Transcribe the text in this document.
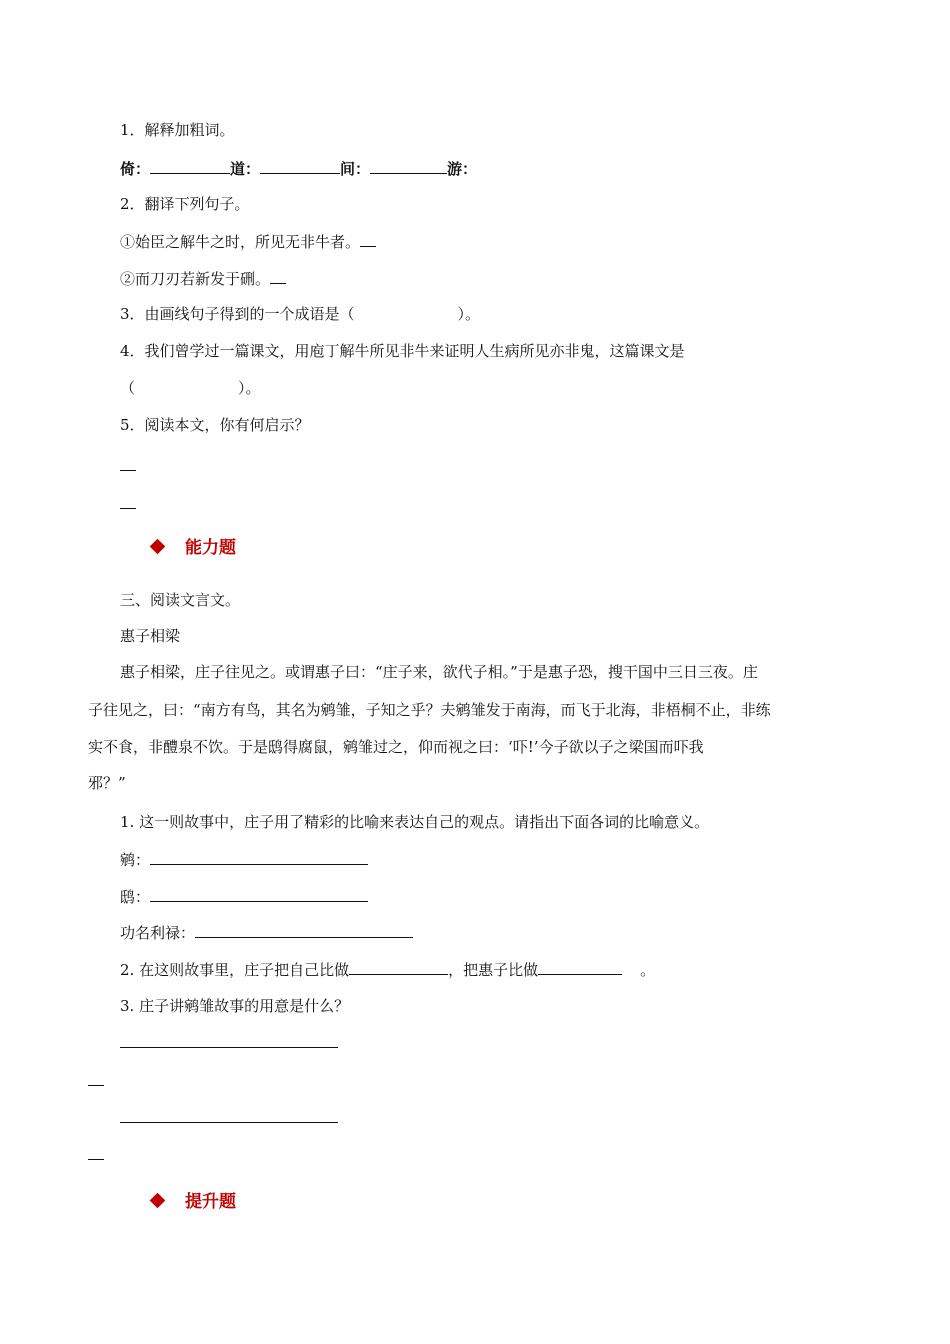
1．解释加粗词。
倚：	道：	间：	游：
2．翻译下列句子。
①始臣之解牛之时，所见无非牛者。
②而刀刃若新发于硎。
3．由画线句子得到的一个成语是（	）。
4．我们曾学过一篇课文，用庖丁解牛所见非牛来证明人生病所见亦非鬼，这篇课文是
（	）。
5．阅读本文，你有何启示？
能力题
三、阅读文言文。
惠子相梁
惠子相梁，庄子往见之。或谓惠子曰：“庄子来，欲代子相。”于是惠子恐，搜干国中三日三夜。庄
子往见之，曰：“南方有鸟，其名为鹓雏，子知之乎？夫鹓雏发于南海，而飞于北海，非梧桐不止，非练
实不食，非醴泉不饮。于是鸱得腐鼠，鹓雏过之，仰而视之曰：‘吓!’今子欲以子之梁国而吓我
邪？”
1. 这一则故事中，庄子用了精彩的比喻来表达自己的观点。请指出下面各词的比喻意义。
鹓：
鸱：
功名利禄：
2. 在这则故事里，庄子把自己比做	，把惠子比做	。
3. 庄子讲鹓雏故事的用意是什么？
提升题
